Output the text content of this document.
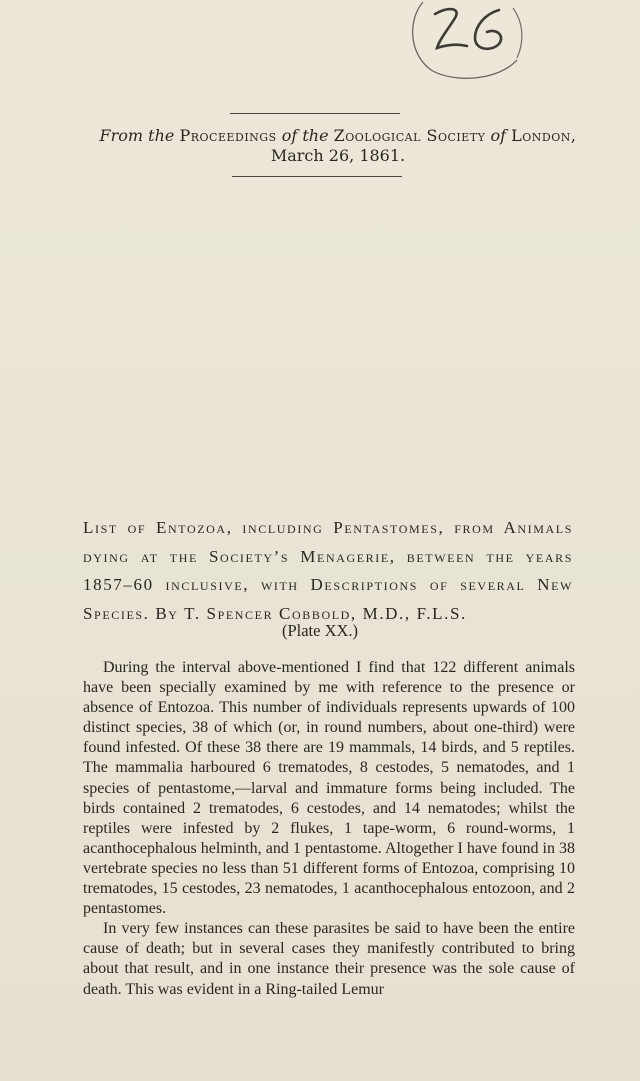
From the Proceedings of the Zoological Society of London,
March 26, 1861.
List of Entozoa, including Pentastomes, from Animals dying at the Society’s Menagerie, between the years 1857–60 inclusive, with Descriptions of several New Species. By T. Spencer Cobbold, M.D., F.L.S.
(Plate XX.)

During the interval above-mentioned I find that 122 different animals have been specially examined by me with reference to the presence or absence of Entozoa. This number of individuals represents upwards of 100 distinct species, 38 of which (or, in round numbers, about one-third) were found infested. Of these 38 there are 19 mammals, 14 birds, and 5 reptiles. The mammalia harboured 6 trematodes, 8 cestodes, 5 nematodes, and 1 species of pentastome,—larval and immature forms being included. The birds contained 2 trematodes, 6 cestodes, and 14 nematodes; whilst the reptiles were infested by 2 flukes, 1 tape-worm, 6 round-worms, 1 acanthocephalous helminth, and 1 pentastome. Altogether I have found in 38 vertebrate species no less than 51 different forms of Entozoa, comprising 10 trematodes, 15 cestodes, 23 nematodes, 1 acanthocephalous entozoon, and 2 pentastomes.

In very few instances can these parasites be said to have been the entire cause of death; but in several cases they manifestly contributed to bring about that result, and in one instance their presence was the sole cause of death. This was evident in a Ring-tailed Lemur
